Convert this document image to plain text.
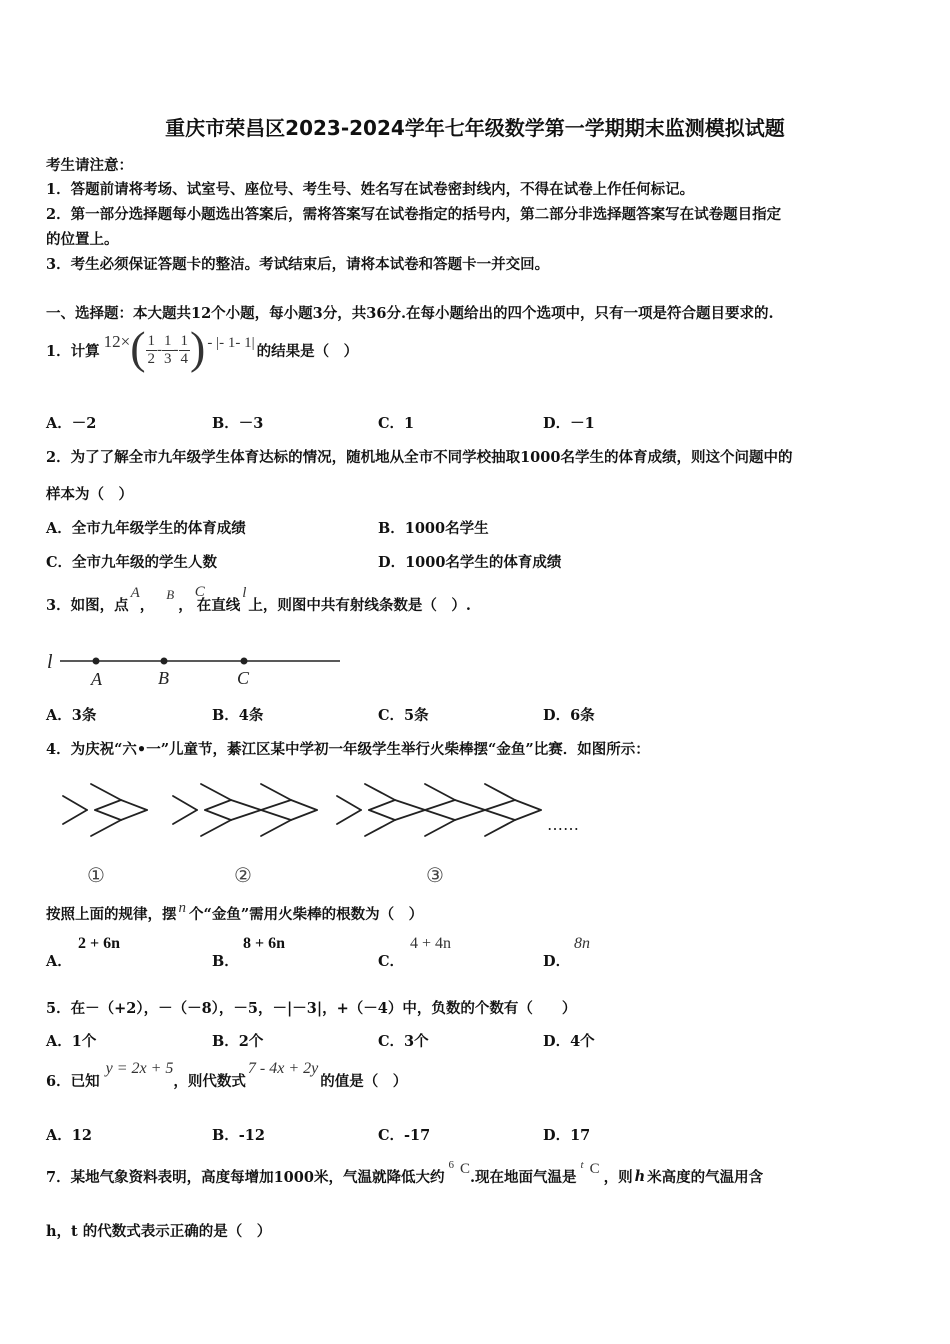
重庆市荣昌区2023-2024学年七年级数学第一学期期末监测模拟试题
考生请注意：
1．答题前请将考场、试室号、座位号、考生号、姓名写在试卷密封线内，不得在试卷上作任何标记。
2．第一部分选择题每小题选出答案后，需将答案写在试卷指定的括号内，第二部分非选择题答案写在试卷题目指定
的位置上。
3．考生必须保证答题卡的整洁。考试结束后，请将本试卷和答题卡一并交回。
一、选择题：本大题共12个小题，每小题3分，共36分.在每小题给出的四个选项中，只有一项是符合题目要求的.
1．计算 12× ( $\frac{1}{2} - \frac{1}{3} - \frac{1}{4}$ ) - |- 1- 1| 的结果是（　）
A．－2	B．－3	C．1	D．－1
2．为了了解全市九年级学生体育达标的情况，随机地从全市不同学校抽取1000名学生的体育成绩，则这个问题中的
样本为（　）
A．全市九年级学生的体育成绩	B．1000名学生
C．全市九年级的学生人数	D．1000名学生的体育成绩
3．如图，点
A
，
B
，
C
在直线
l
上，则图中共有射线条数是（　）.
l
A	B	C
A．3条	B．4条	C．5条	D．6条
4．为庆祝“六•一”儿童节，綦江区某中学初一年级学生举行火柴棒摆“金鱼”比赛．如图所示：
……
①	②	③
按照上面的规律，摆 n 个“金鱼”需用火柴棒的根数为（　）
A．
2 + 6n
B．
8 + 6n
C．
4 + 4n
D．
8n
5．在－（+2），－（－8），－5，－|－3|，+（－4）中，负数的个数有（　　）
A．1个	B．2个	C．3个	D．4个
6．已知
y = 2x + 5
，则代数式
7 - 4x + 2y
的值是（　）
A．12	B．-12	C．-17	D．17
7．某地气象资料表明，高度每增加1000米，气温就降低大约
6 C .现在地面气温是
t C ，则 h 米高度的气温用含
h，t 的代数式表示正确的是（　）
